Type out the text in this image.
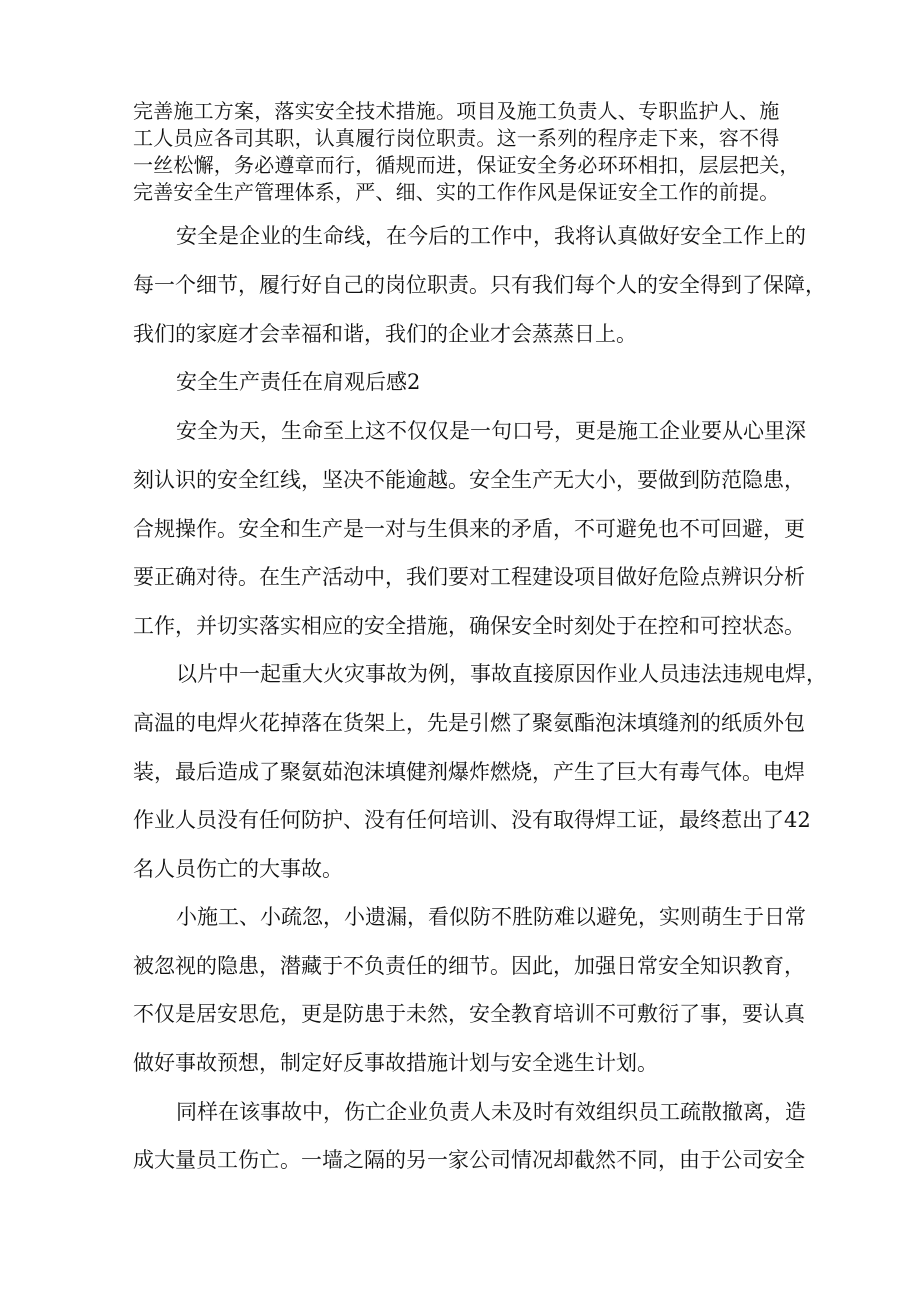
完善施工方案，落实安全技术措施。项目及施工负责人、专职监护人、施
工人员应各司其职，认真履行岗位职责。这一系列的程序走下来，容不得
一丝松懈，务必遵章而行，循规而进，保证安全务必环环相扣，层层把关，
完善安全生产管理体系，严、细、实的工作作风是保证安全工作的前提。
安全是企业的生命线，在今后的工作中，我将认真做好安全工作上的
每一个细节，履行好自己的岗位职责。只有我们每个人的安全得到了保障，
我们的家庭才会幸福和谐，我们的企业才会蒸蒸日上。
安全生产责任在肩观后感2
安全为天，生命至上这不仅仅是一句口号，更是施工企业要从心里深
刻认识的安全红线，坚决不能逾越。安全生产无大小，要做到防范隐患，
合规操作。安全和生产是一对与生俱来的矛盾，不可避免也不可回避，更
要正确对待。在生产活动中，我们要对工程建设项目做好危险点辨识分析
工作，并切实落实相应的安全措施，确保安全时刻处于在控和可控状态。
以片中一起重大火灾事故为例，事故直接原因作业人员违法违规电焊，
高温的电焊火花掉落在货架上，先是引燃了聚氨酯泡沫填缝剂的纸质外包
装，最后造成了聚氨茹泡沫填健剂爆炸燃烧，产生了巨大有毒气体。电焊
作业人员没有任何防护、没有任何培训、没有取得焊工证，最终惹出了42
名人员伤亡的大事故。
小施工、小疏忽，小遗漏，看似防不胜防难以避免，实则萌生于日常
被忽视的隐患，潜藏于不负责任的细节。因此，加强日常安全知识教育，
不仅是居安思危，更是防患于未然，安全教育培训不可敷衍了事，要认真
做好事故预想，制定好反事故措施计划与安全逃生计划。
同样在该事故中，伤亡企业负责人未及时有效组织员工疏散撤离，造
成大量员工伤亡。一墙之隔的另一家公司情况却截然不同，由于公司安全
